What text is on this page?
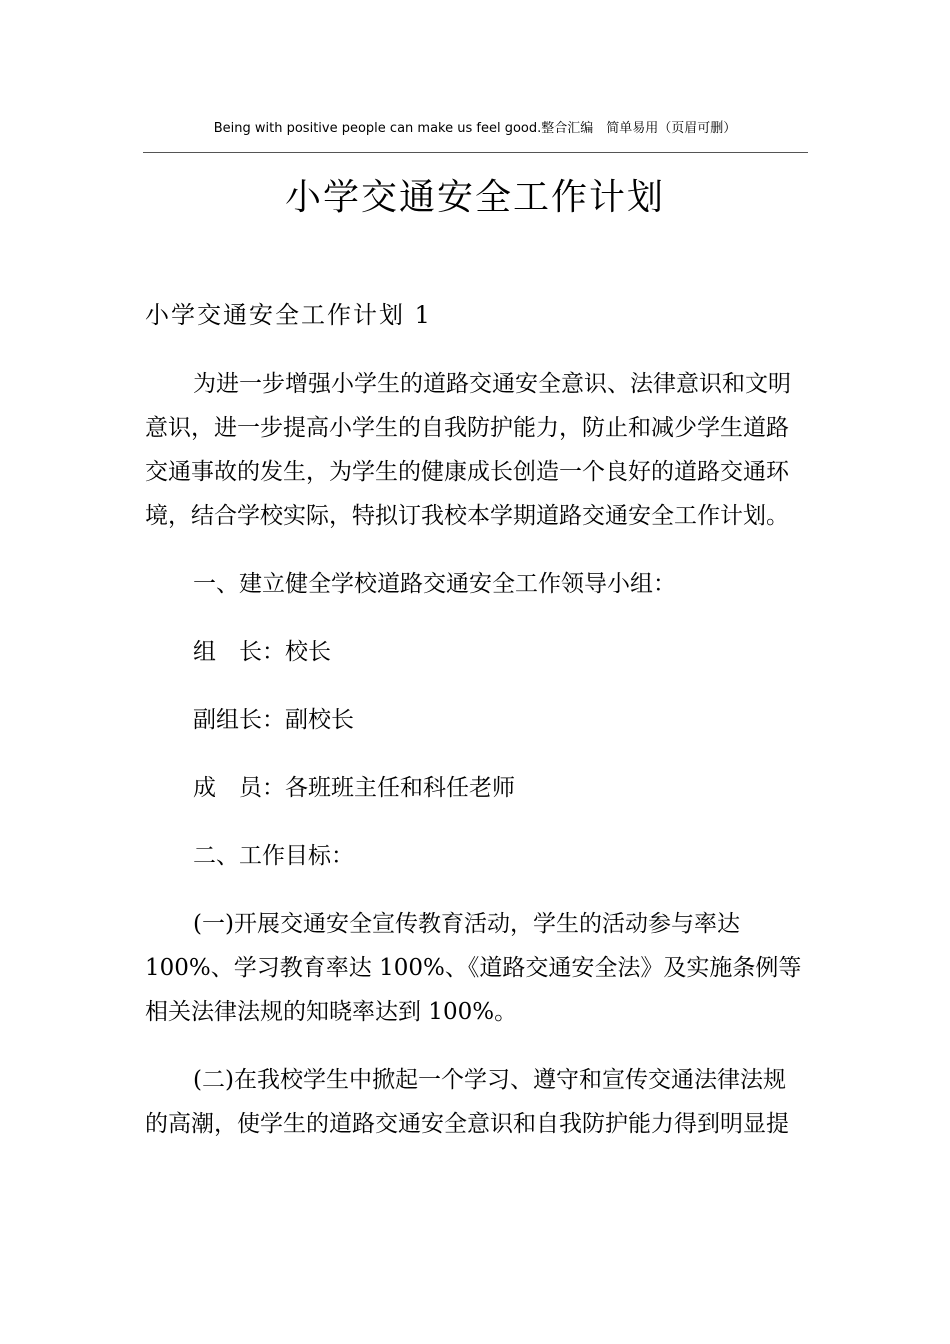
Being with positive people can make us feel good.整合汇编　简单易用（页眉可删）
小学交通安全工作计划
小学交通安全工作计划 1
为进一步增强小学生的道路交通安全意识、法律意识和文明
意识，进一步提高小学生的自我防护能力，防止和减少学生道路
交通事故的发生，为学生的健康成长创造一个良好的道路交通环
境，结合学校实际，特拟订我校本学期道路交通安全工作计划。
一、建立健全学校道路交通安全工作领导小组：
组　长：校长
副组长：副校长
成　员：各班班主任和科任老师
二、工作目标：
(一)开展交通安全宣传教育活动，学生的活动参与率达
100%、学习教育率达 100%、《道路交通安全法》及实施条例等
相关法律法规的知晓率达到 100%。
(二)在我校学生中掀起一个学习、遵守和宣传交通法律法规
的高潮，使学生的道路交通安全意识和自我防护能力得到明显提
